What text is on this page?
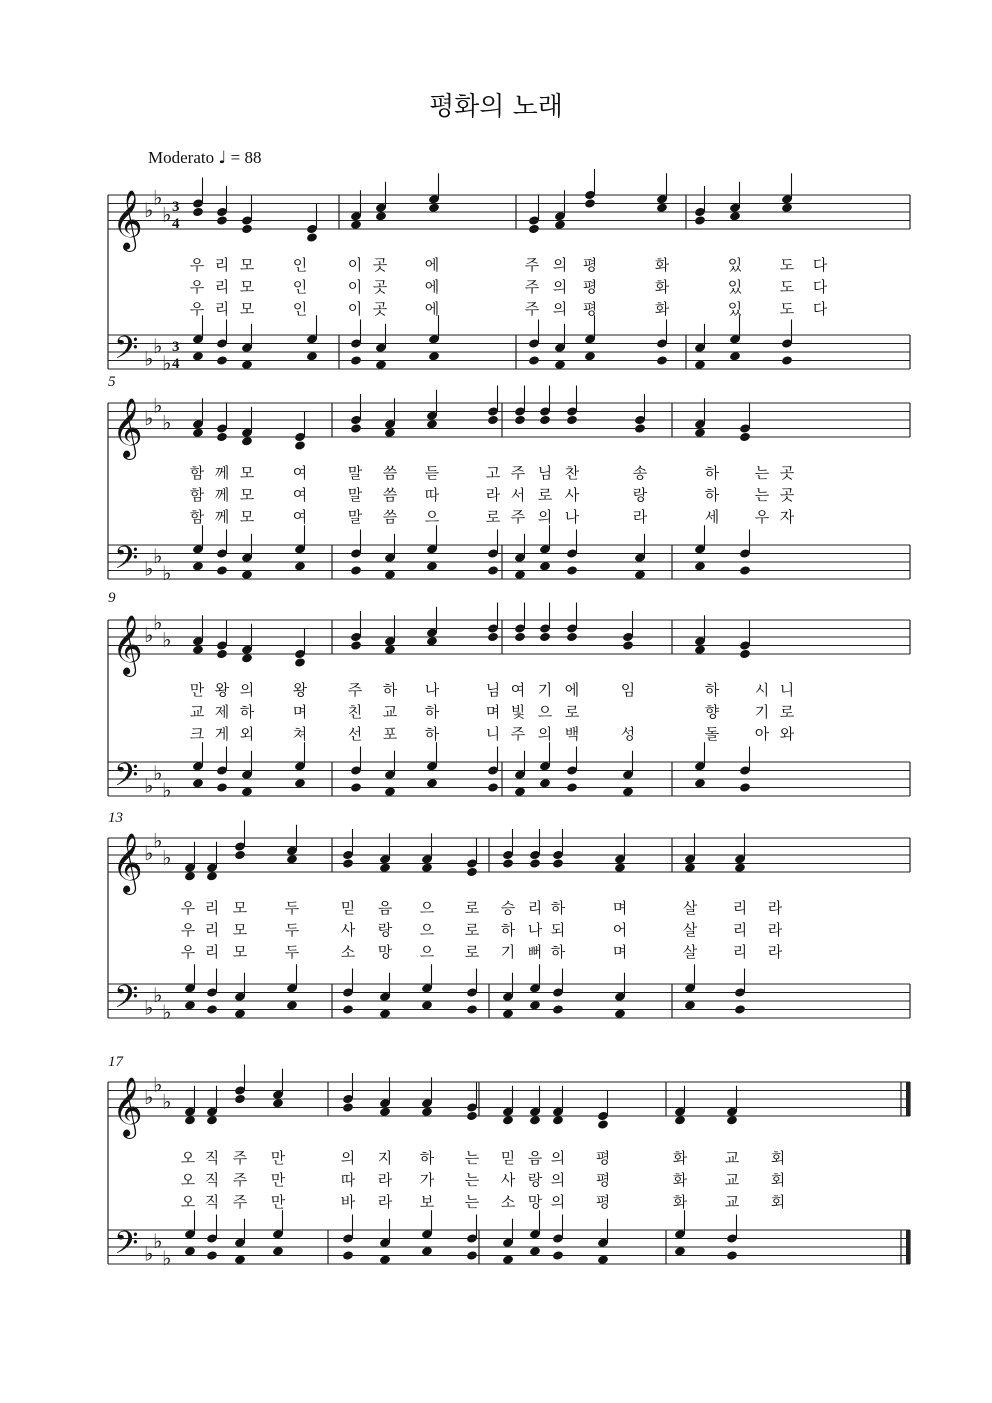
평화의 노래
Moderato ♩ = 88
𝄞
𝄢
♭
♭
♭
♭
♭
♭
3
4
3
4
우 리 모	인	이 곳	에	주 의 평	화	있	도 다
우 리 모	인	이 곳	에	주 의 평	화	있	도 다
우 리 모	인	이 곳	에	주 의 평	화	있	도 다
𝄞
𝄢
♭
♭
♭
♭
♭
♭
5
함 께 모	여	말 씀 듣	고 주 님 찬	송	하 는 곳
함 께 모	여	말 씀 따	라 서 로 사	랑	하 는 곳
함 께 모	여	말 씀 으	로 주 의 나	라	세 우 자
𝄞
𝄢
♭
♭
♭
♭
♭
♭
9
만 왕 의	왕	주 하 나	님 여 기 에	임	하 시 니
교 제 하	며	친 교 하	며 빛 으 로	향 기 로
크 게 외	쳐	선 포 하	니 주 의 백	성	돌 아 와
𝄞
𝄢
♭
♭
♭
♭
♭
♭
13
우 리 모	두	믿 음 으 로 승 리 하	며	살 리 라
우 리 모	두	사 랑 으 로 하 나 되	어	살 리 라
우 리 모	두	소 망 으 로 기 뻐 하	며	살 리 라
𝄞
𝄢
♭
♭
♭
♭
♭
♭
17
오 직 주 만	의 지 하 는 믿 음 의 평	화	교 회
오 직 주 만	따 라 가 는 사 랑 의 평	화	교 회
오 직 주 만	바 라 보 는 소 망 의 평	화	교 회
